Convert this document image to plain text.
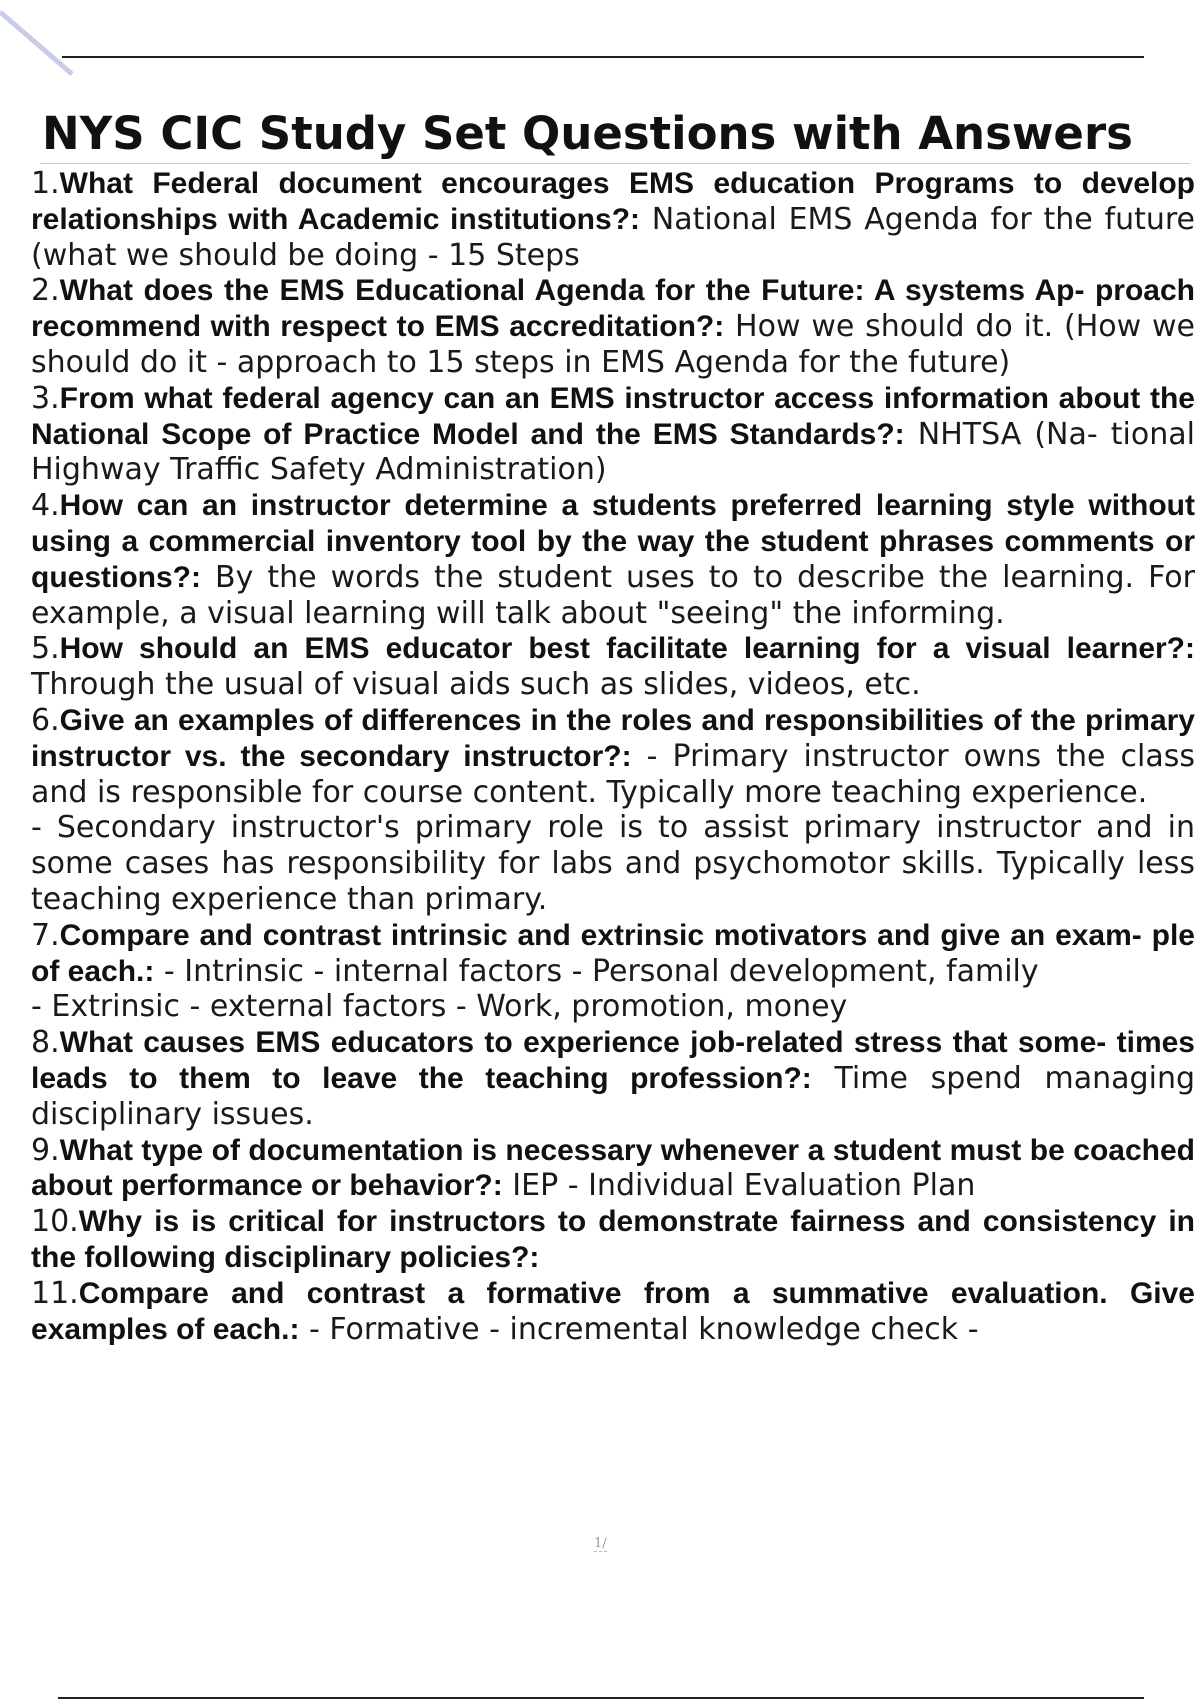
NYS CIC Study Set Questions with Answers
1.What Federal document encourages EMS education Programs to develop relationships with Academic institutions?: National EMS Agenda for the future (what we should be doing - 15 Steps
2.What does the EMS Educational Agenda for the Future: A systems Ap- proach recommend with respect to EMS accreditation?: How we should do it. (How we should do it - approach to 15 steps in EMS Agenda for the future)
3.From what federal agency can an EMS instructor access information about the National Scope of Practice Model and the EMS Standards?: NHTSA (Na- tional Highway Traffic Safety Administration)
4.How can an instructor determine a students preferred learning style without using a commercial inventory tool by the way the student phrases comments or questions?: By the words the student uses to to describe the learning. For example, a visual learning will talk about "seeing" the informing.
5.How should an EMS educator best facilitate learning for a visual learner?: Through the usual of visual aids such as slides, videos, etc.
6.Give an examples of differences in the roles and responsibilities of the primary instructor vs. the secondary instructor?: - Primary instructor owns the class and is responsible for course content. Typically more teaching experience.
- Secondary instructor's primary role is to assist primary instructor and in some cases has responsibility for labs and psychomotor skills. Typically less teaching experience than primary.
7.Compare and contrast intrinsic and extrinsic motivators and give an exam- ple of each.: - Intrinsic - internal factors - Personal development, family
- Extrinsic - external factors - Work, promotion, money
8.What causes EMS educators to experience job-related stress that some- times leads to them to leave the teaching profession?: Time spend managing disciplinary issues.
9.What type of documentation is necessary whenever a student must be coached about performance or behavior?: IEP - Individual Evaluation Plan
10.Why is is critical for instructors to demonstrate fairness and consistency in the following disciplinary policies?:
11.Compare and contrast a formative from a summative evaluation. Give examples of each.: - Formative - incremental knowledge check -
1/
